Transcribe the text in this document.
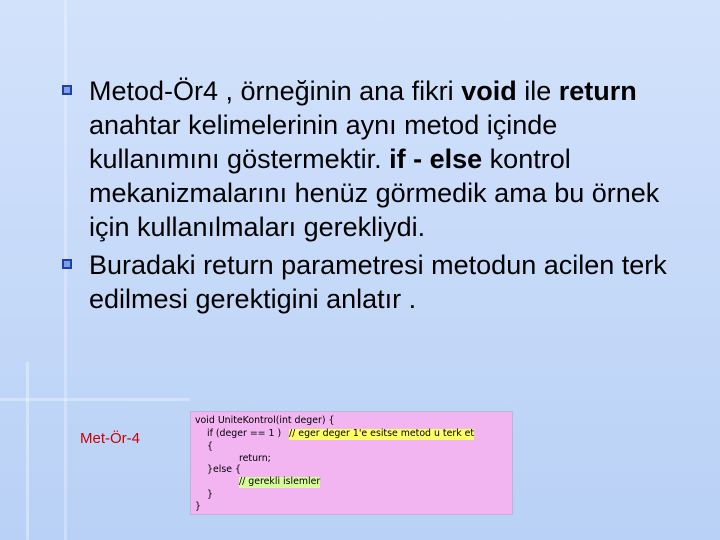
Metod-Ör4 , örneğinin ana fikri void ile return anahtar kelimelerinin aynı metod içinde kullanımını göstermektir. if - else kontrol mekanizmalarını henüz görmedik ama bu örnek için kullanılmaları gerekliydi.
Buradaki return parametresi metodun acilen terk edilmesi gerektigini anlatır .
Met-Ör-4
void UniteKontrol(int deger) {
if (deger == 1 ) // eger deger 1'e esitse metod u terk et
{
return;
}else {
// gerekli islemler
}
}
